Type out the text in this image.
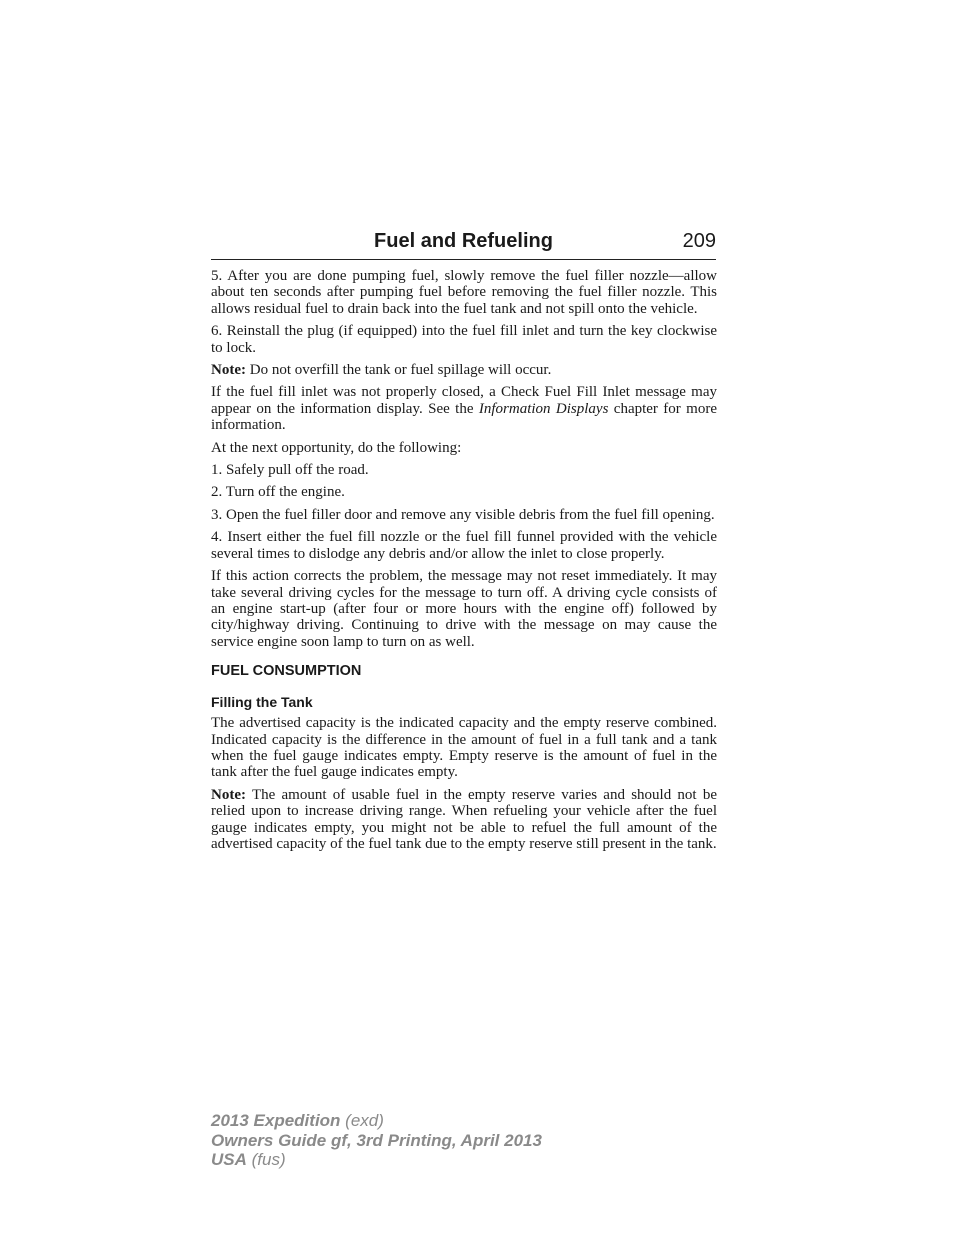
Fuel and Refueling	209

5. After you are done pumping fuel, slowly remove the fuel filler nozzle—allow about ten seconds after pumping fuel before removing the fuel filler nozzle. This allows residual fuel to drain back into the fuel tank and not spill onto the vehicle.

6. Reinstall the plug (if equipped) into the fuel fill inlet and turn the key clockwise to lock.

Note: Do not overfill the tank or fuel spillage will occur.

If the fuel fill inlet was not properly closed, a Check Fuel Fill Inlet message may appear on the information display. See the Information Displays chapter for more information.

At the next opportunity, do the following:

1. Safely pull off the road.

2. Turn off the engine.

3. Open the fuel filler door and remove any visible debris from the fuel fill opening.

4. Insert either the fuel fill nozzle or the fuel fill funnel provided with the vehicle several times to dislodge any debris and/or allow the inlet to close properly.

If this action corrects the problem, the message may not reset immediately. It may take several driving cycles for the message to turn off. A driving cycle consists of an engine start-up (after four or more hours with the engine off) followed by city/highway driving. Continuing to drive with the message on may cause the service engine soon lamp to turn on as well.

FUEL CONSUMPTION
Filling the Tank

The advertised capacity is the indicated capacity and the empty reserve combined. Indicated capacity is the difference in the amount of fuel in a full tank and a tank when the fuel gauge indicates empty. Empty reserve is the amount of fuel in the tank after the fuel gauge indicates empty.

Note: The amount of usable fuel in the empty reserve varies and should not be relied upon to increase driving range. When refueling your vehicle after the fuel gauge indicates empty, you might not be able to refuel the full amount of the advertised capacity of the fuel tank due to the empty reserve still present in the tank.

2013 Expedition (exd)
Owners Guide gf, 3rd Printing, April 2013
USA (fus)
